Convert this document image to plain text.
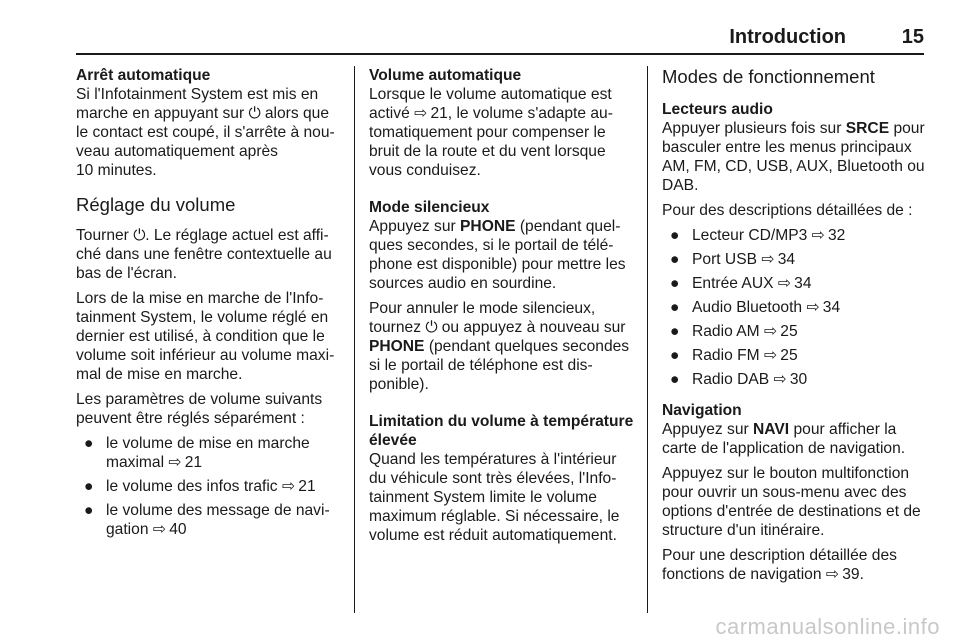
Introduction	15

Arrêt automatique

Si l'Infotainment System est mis en marche en appuyant sur ⏻ alors que le contact est coupé, il s'arrête à nouveau automatiquement après
10 minutes.

Réglage du volume

Tourner ⏻. Le réglage actuel est affiché dans une fenêtre contextuelle au bas de l'écran.

Lors de la mise en marche de l'Infotainment System, le volume réglé en dernier est utilisé, à condition que le volume soit inférieur au volume maximal de mise en marche.

Les paramètres de volume suivants peuvent être réglés séparément :

● le volume de mise en marche maximal ⇨ 21
● le volume des infos trafic ⇨ 21
● le volume des message de navigation ⇨ 40

Volume automatique

Lorsque le volume automatique est activé ⇨ 21, le volume s'adapte automatiquement pour compenser le bruit de la route et du vent lorsque vous conduisez.

Mode silencieux

Appuyez sur PHONE (pendant quelques secondes, si le portail de téléphone est disponible) pour mettre les sources audio en sourdine.

Pour annuler le mode silencieux, tournez ⏻ ou appuyez à nouveau sur PHONE (pendant quelques secondes si le portail de téléphone est disponible).

Limitation du volume à température élevée

Quand les températures à l'intérieur du véhicule sont très élevées, l'Infotainment System limite le volume maximum réglable. Si nécessaire, le volume est réduit automatiquement.

Modes de fonctionnement

Lecteurs audio

Appuyer plusieurs fois sur SRCE pour basculer entre les menus principaux AM, FM, CD, USB, AUX, Bluetooth ou DAB.

Pour des descriptions détaillées de :

● Lecteur CD/MP3 ⇨ 32
● Port USB ⇨ 34
● Entrée AUX ⇨ 34
● Audio Bluetooth ⇨ 34
● Radio AM ⇨ 25
● Radio FM ⇨ 25
● Radio DAB ⇨ 30

Navigation

Appuyez sur NAVI pour afficher la carte de l'application de navigation.

Appuyez sur le bouton multifonction pour ouvrir un sous-menu avec des options d'entrée de destinations et de structure d'un itinéraire.

Pour une description détaillée des fonctions de navigation ⇨ 39.

carmanualsonline.info
